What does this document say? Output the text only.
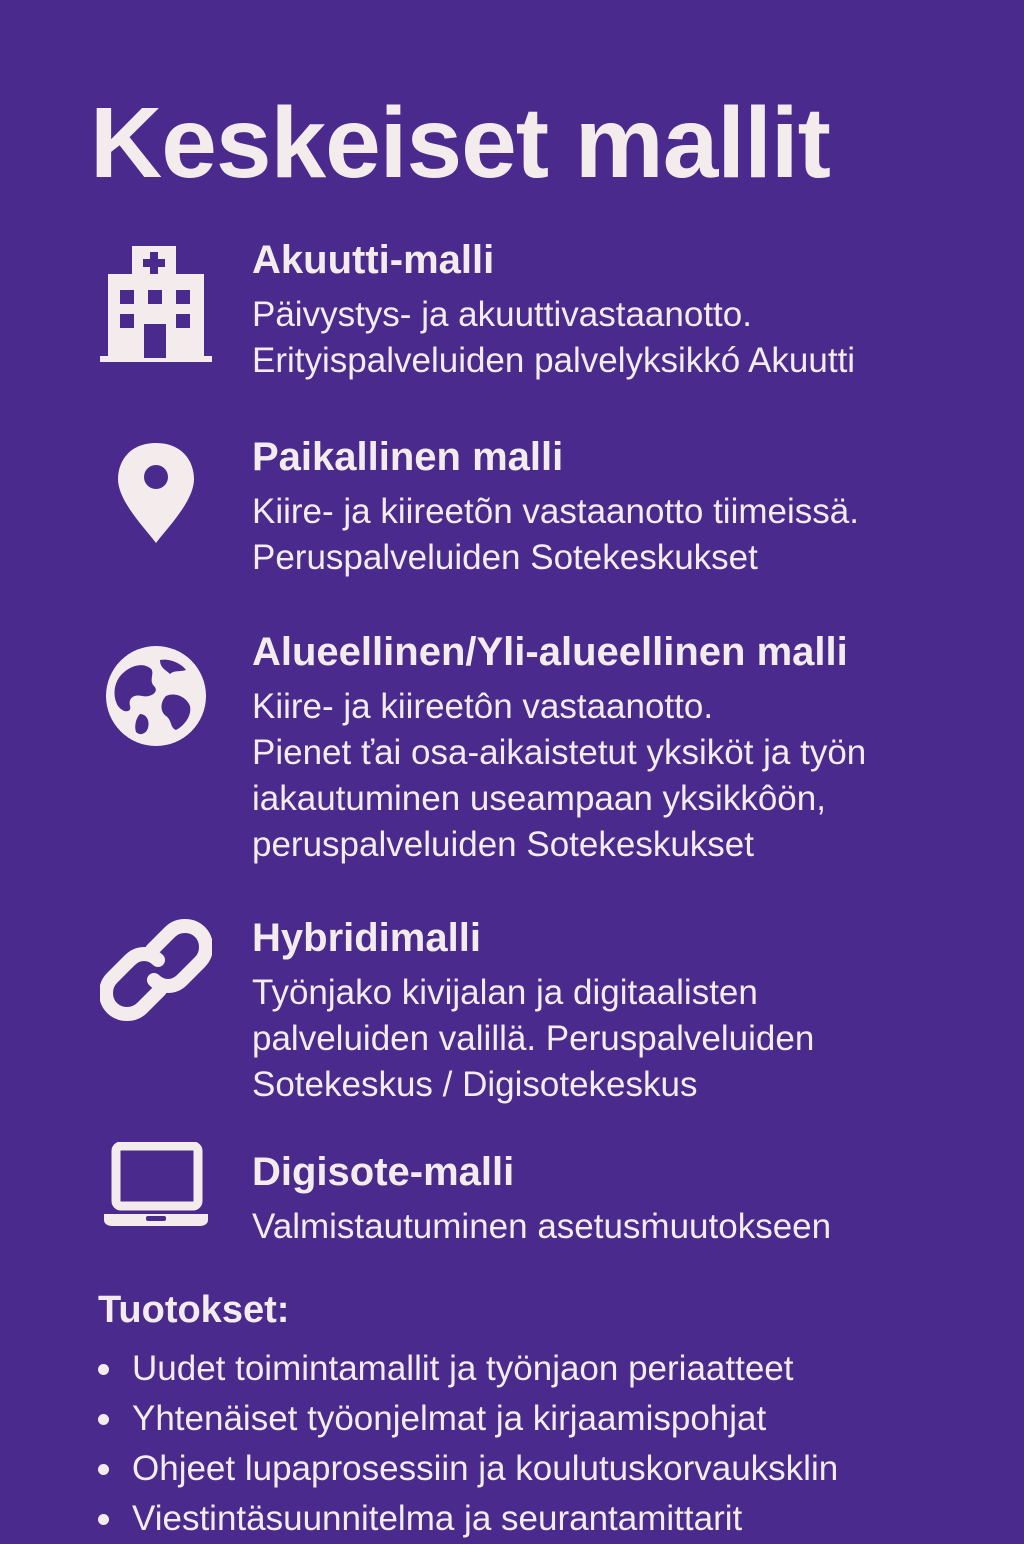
Keskeiset mallit
Akuutti-malli

Päivystys- ja akuuttivastaanotto.
Erityispalveluiden palvelyksikkó Akuutti

Paikallinen malli

Kiire- ja kiireetõn vastaanotto tiimeissä.
Peruspalveluiden Sotekeskukset

Alueellinen/Yli-alueellinen malli

Kiire- ja kiireetôn vastaanotto.
Pienet ťai osa-aikaistetut yksiköt ja työn
iakautuminen useampaan yksikkôön,
peruspalveluiden Sotekeskukset

Hybridimalli

Työnjako kivijalan ja digitaalisten
palveluiden valillä. Peruspalveluiden
Sotekeskus / Digisotekeskus

Digisote-malli

Valmistautuminen asetusṁuutokseen

Tuotokset:
Uudet toimintamallit ja työnjaon periaatteet
Yhtenäiset työonjelmat ja kirjaamispohjat
Ohjeet lupaprosessiin ja koulutuskorvauksklin
Viestintäsuunnitelma ja seurantamittarit
